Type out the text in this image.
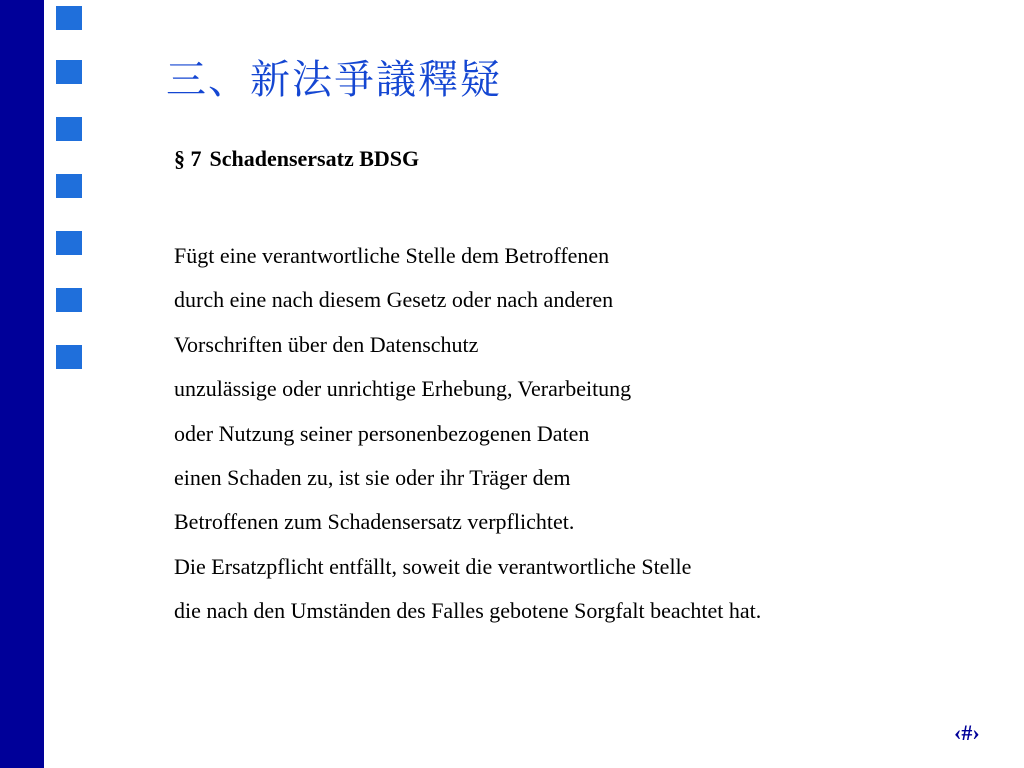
三、新法爭議釋疑
§ 7 Schadensersatz BDSG
Fügt eine verantwortliche Stelle dem Betroffenen
durch eine nach diesem Gesetz oder nach anderen
Vorschriften über den Datenschutz
unzulässige oder unrichtige Erhebung, Verarbeitung
oder Nutzung seiner personenbezogenen Daten
einen Schaden zu, ist sie oder ihr Träger dem
Betroffenen zum Schadensersatz verpflichtet.
Die Ersatzpflicht entfällt, soweit die verantwortliche Stelle
die nach den Umständen des Falles gebotene Sorgfalt beachtet hat.
‹#›
